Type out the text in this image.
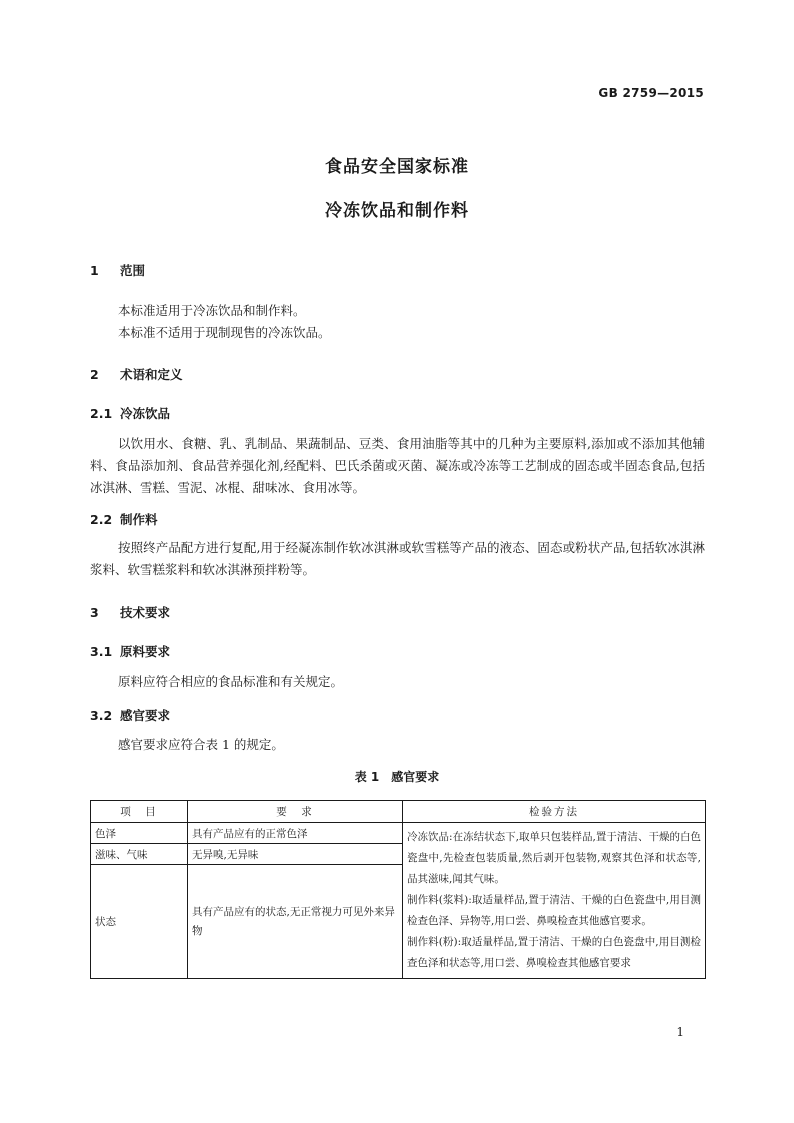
GB 2759—2015
食品安全国家标准
冷冻饮品和制作料
1 范围

本标准适用于冷冻饮品和制作料。

本标准不适用于现制现售的冷冻饮品。

2 术语和定义
2.1 冷冻饮品

以饮用水、食糖、乳、乳制品、果蔬制品、豆类、食用油脂等其中的几种为主要原料,添加或不添加其他辅料、食品添加剂、食品营养强化剂,经配料、巴氏杀菌或灭菌、凝冻或冷冻等工艺制成的固态或半固态食品,包括冰淇淋、雪糕、雪泥、冰棍、甜味冰、食用冰等。

2.2 制作料

按照终产品配方进行复配,用于经凝冻制作软冰淇淋或软雪糕等产品的液态、固态或粉状产品,包括软冰淇淋浆料、软雪糕浆料和软冰淇淋预拌粉等。

3 技术要求
3.1 原料要求

原料应符合相应的食品标准和有关规定。

3.2 感官要求

感官要求应符合表 1 的规定。

表 1　感官要求
项　目	要　求	检验方法
色泽	具有产品应有的正常色泽	冷冻饮品:在冻结状态下,取单只包装样品,置于清洁、干燥的白色瓷盘中,先检查包装质量,然后剥开包装物,观察其色泽和状态等,品其滋味,闻其气味。
制作料(浆料):取适量样品,置于清洁、干燥的白色瓷盘中,用目测检查色泽、异物等,用口尝、鼻嗅检查其他感官要求。
制作料(粉):取适量样品,置于清洁、干燥的白色瓷盘中,用目测检查色泽和状态等,用口尝、鼻嗅检查其他感官要求

滋味、气味	无异嗅,无异味	
状态	具有产品应有的状态,无正常视力可见外来异物	
1
